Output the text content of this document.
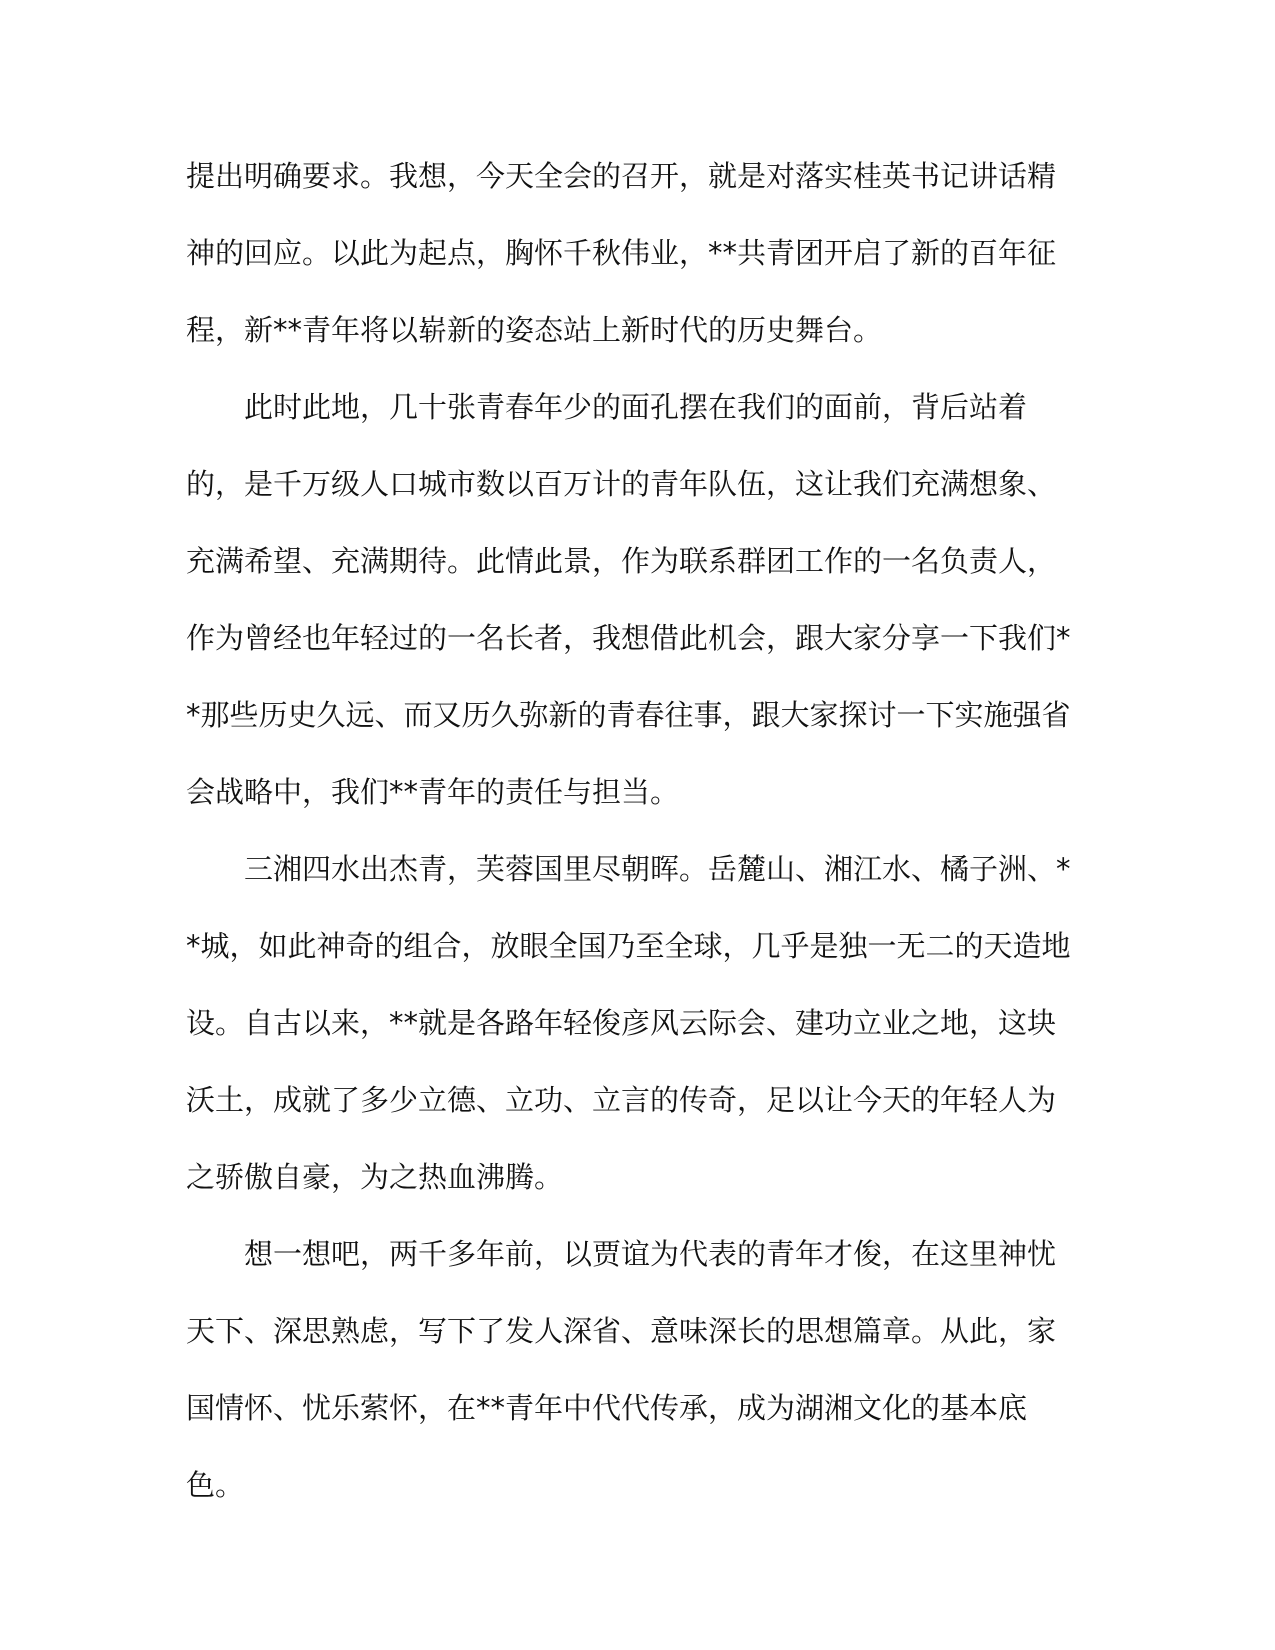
提出明确要求。我想，今天全会的召开，就是对落实桂英书记讲话精
神的回应。以此为起点，胸怀千秋伟业，**共青团开启了新的百年征
程，新**青年将以崭新的姿态站上新时代的历史舞台。
此时此地，几十张青春年少的面孔摆在我们的面前，背后站着
的，是千万级人口城市数以百万计的青年队伍，这让我们充满想象、
充满希望、充满期待。此情此景，作为联系群团工作的一名负责人，
作为曾经也年轻过的一名长者，我想借此机会，跟大家分享一下我们*
*那些历史久远、而又历久弥新的青春往事，跟大家探讨一下实施强省
会战略中，我们**青年的责任与担当。
三湘四水出杰青，芙蓉国里尽朝晖。岳麓山、湘江水、橘子洲、*
*城，如此神奇的组合，放眼全国乃至全球，几乎是独一无二的天造地
设。自古以来，**就是各路年轻俊彦风云际会、建功立业之地，这块
沃土，成就了多少立德、立功、立言的传奇，足以让今天的年轻人为
之骄傲自豪，为之热血沸腾。
想一想吧，两千多年前，以贾谊为代表的青年才俊，在这里神忧
天下、深思熟虑，写下了发人深省、意味深长的思想篇章。从此，家
国情怀、忧乐萦怀，在**青年中代代传承，成为湖湘文化的基本底
色。
